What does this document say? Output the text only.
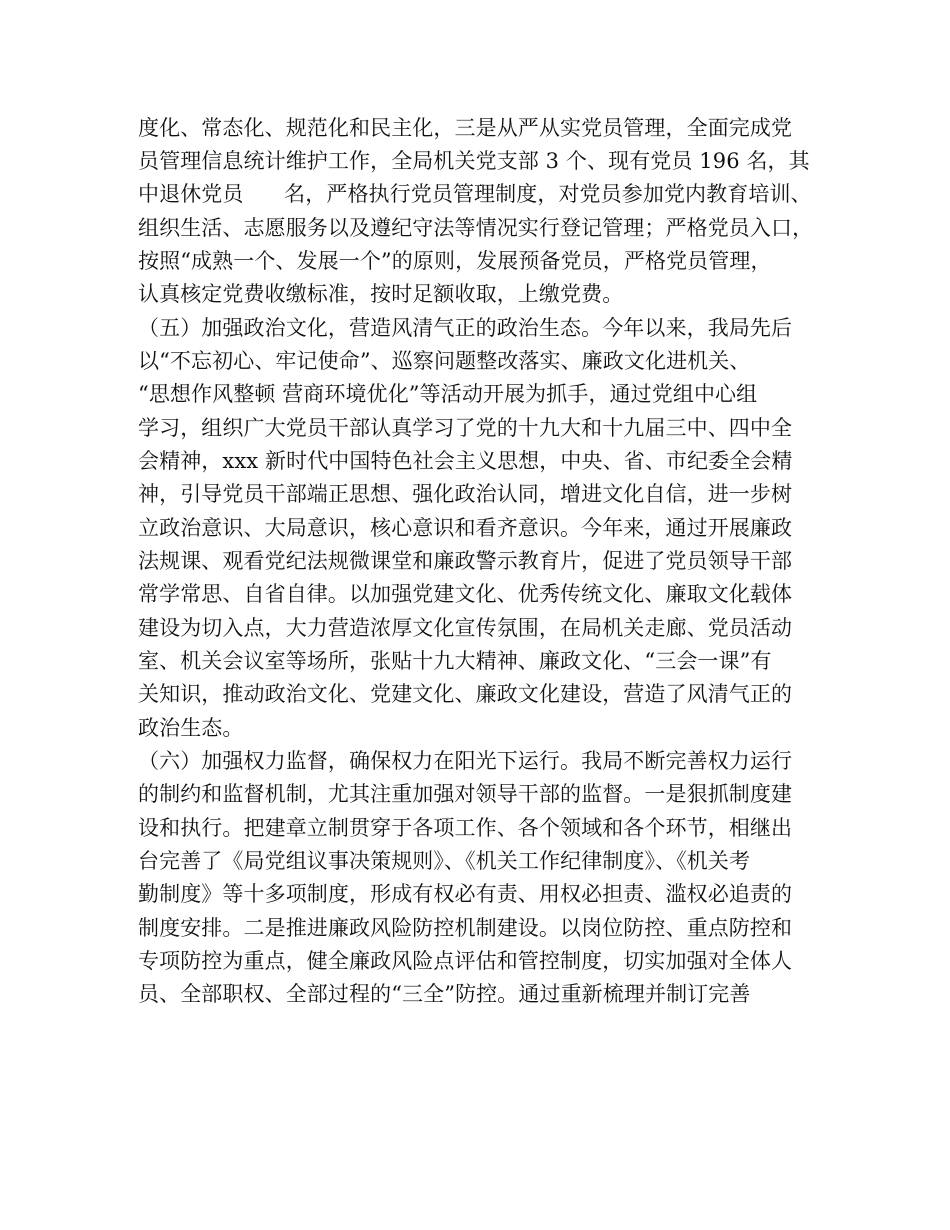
度化、常态化、规范化和民主化，三是从严从实党员管理，全面完成党
员管理信息统计维护工作，全局机关党支部 3 个、现有党员 196 名，其
中退休党员      名，严格执行党员管理制度，对党员参加党内教育培训、
组织生活、志愿服务以及遵纪守法等情况实行登记管理；严格党员入口，
按照“成熟一个、发展一个”的原则，发展预备党员，严格党员管理，
认真核定党费收缴标准，按时足额收取，上缴党费。
（五）加强政治文化，营造风清气正的政治生态。今年以来，我局先后
以“不忘初心、牢记使命”、巡察问题整改落实、廉政文化进机关、
“思想作风整顿 营商环境优化”等活动开展为抓手，通过党组中心组
学习，组织广大党员干部认真学习了党的十九大和十九届三中、四中全
会精神，xxx 新时代中国特色社会主义思想，中央、省、市纪委全会精
神，引导党员干部端正思想、强化政治认同，增进文化自信，进一步树
立政治意识、大局意识，核心意识和看齐意识。今年来，通过开展廉政
法规课、观看党纪法规微课堂和廉政警示教育片，促进了党员领导干部
常学常思、自省自律。以加强党建文化、优秀传统文化、廉取文化载体
建设为切入点，大力营造浓厚文化宣传氛围，在局机关走廊、党员活动
室、机关会议室等场所，张贴十九大精神、廉政文化、“三会一课”有
关知识，推动政治文化、党建文化、廉政文化建设，营造了风清气正的
政治生态。
（六）加强权力监督，确保权力在阳光下运行。我局不断完善权力运行
的制约和监督机制，尤其注重加强对领导干部的监督。一是狠抓制度建
设和执行。把建章立制贯穿于各项工作、各个领域和各个环节，相继出
台完善了《局党组议事决策规则》、《机关工作纪律制度》、《机关考
勤制度》等十多项制度，形成有权必有责、用权必担责、滥权必追责的
制度安排。二是推进廉政风险防控机制建设。以岗位防控、重点防控和
专项防控为重点，健全廉政风险点评估和管控制度，切实加强对全体人
员、全部职权、全部过程的“三全”防控。通过重新梳理并制订完善
